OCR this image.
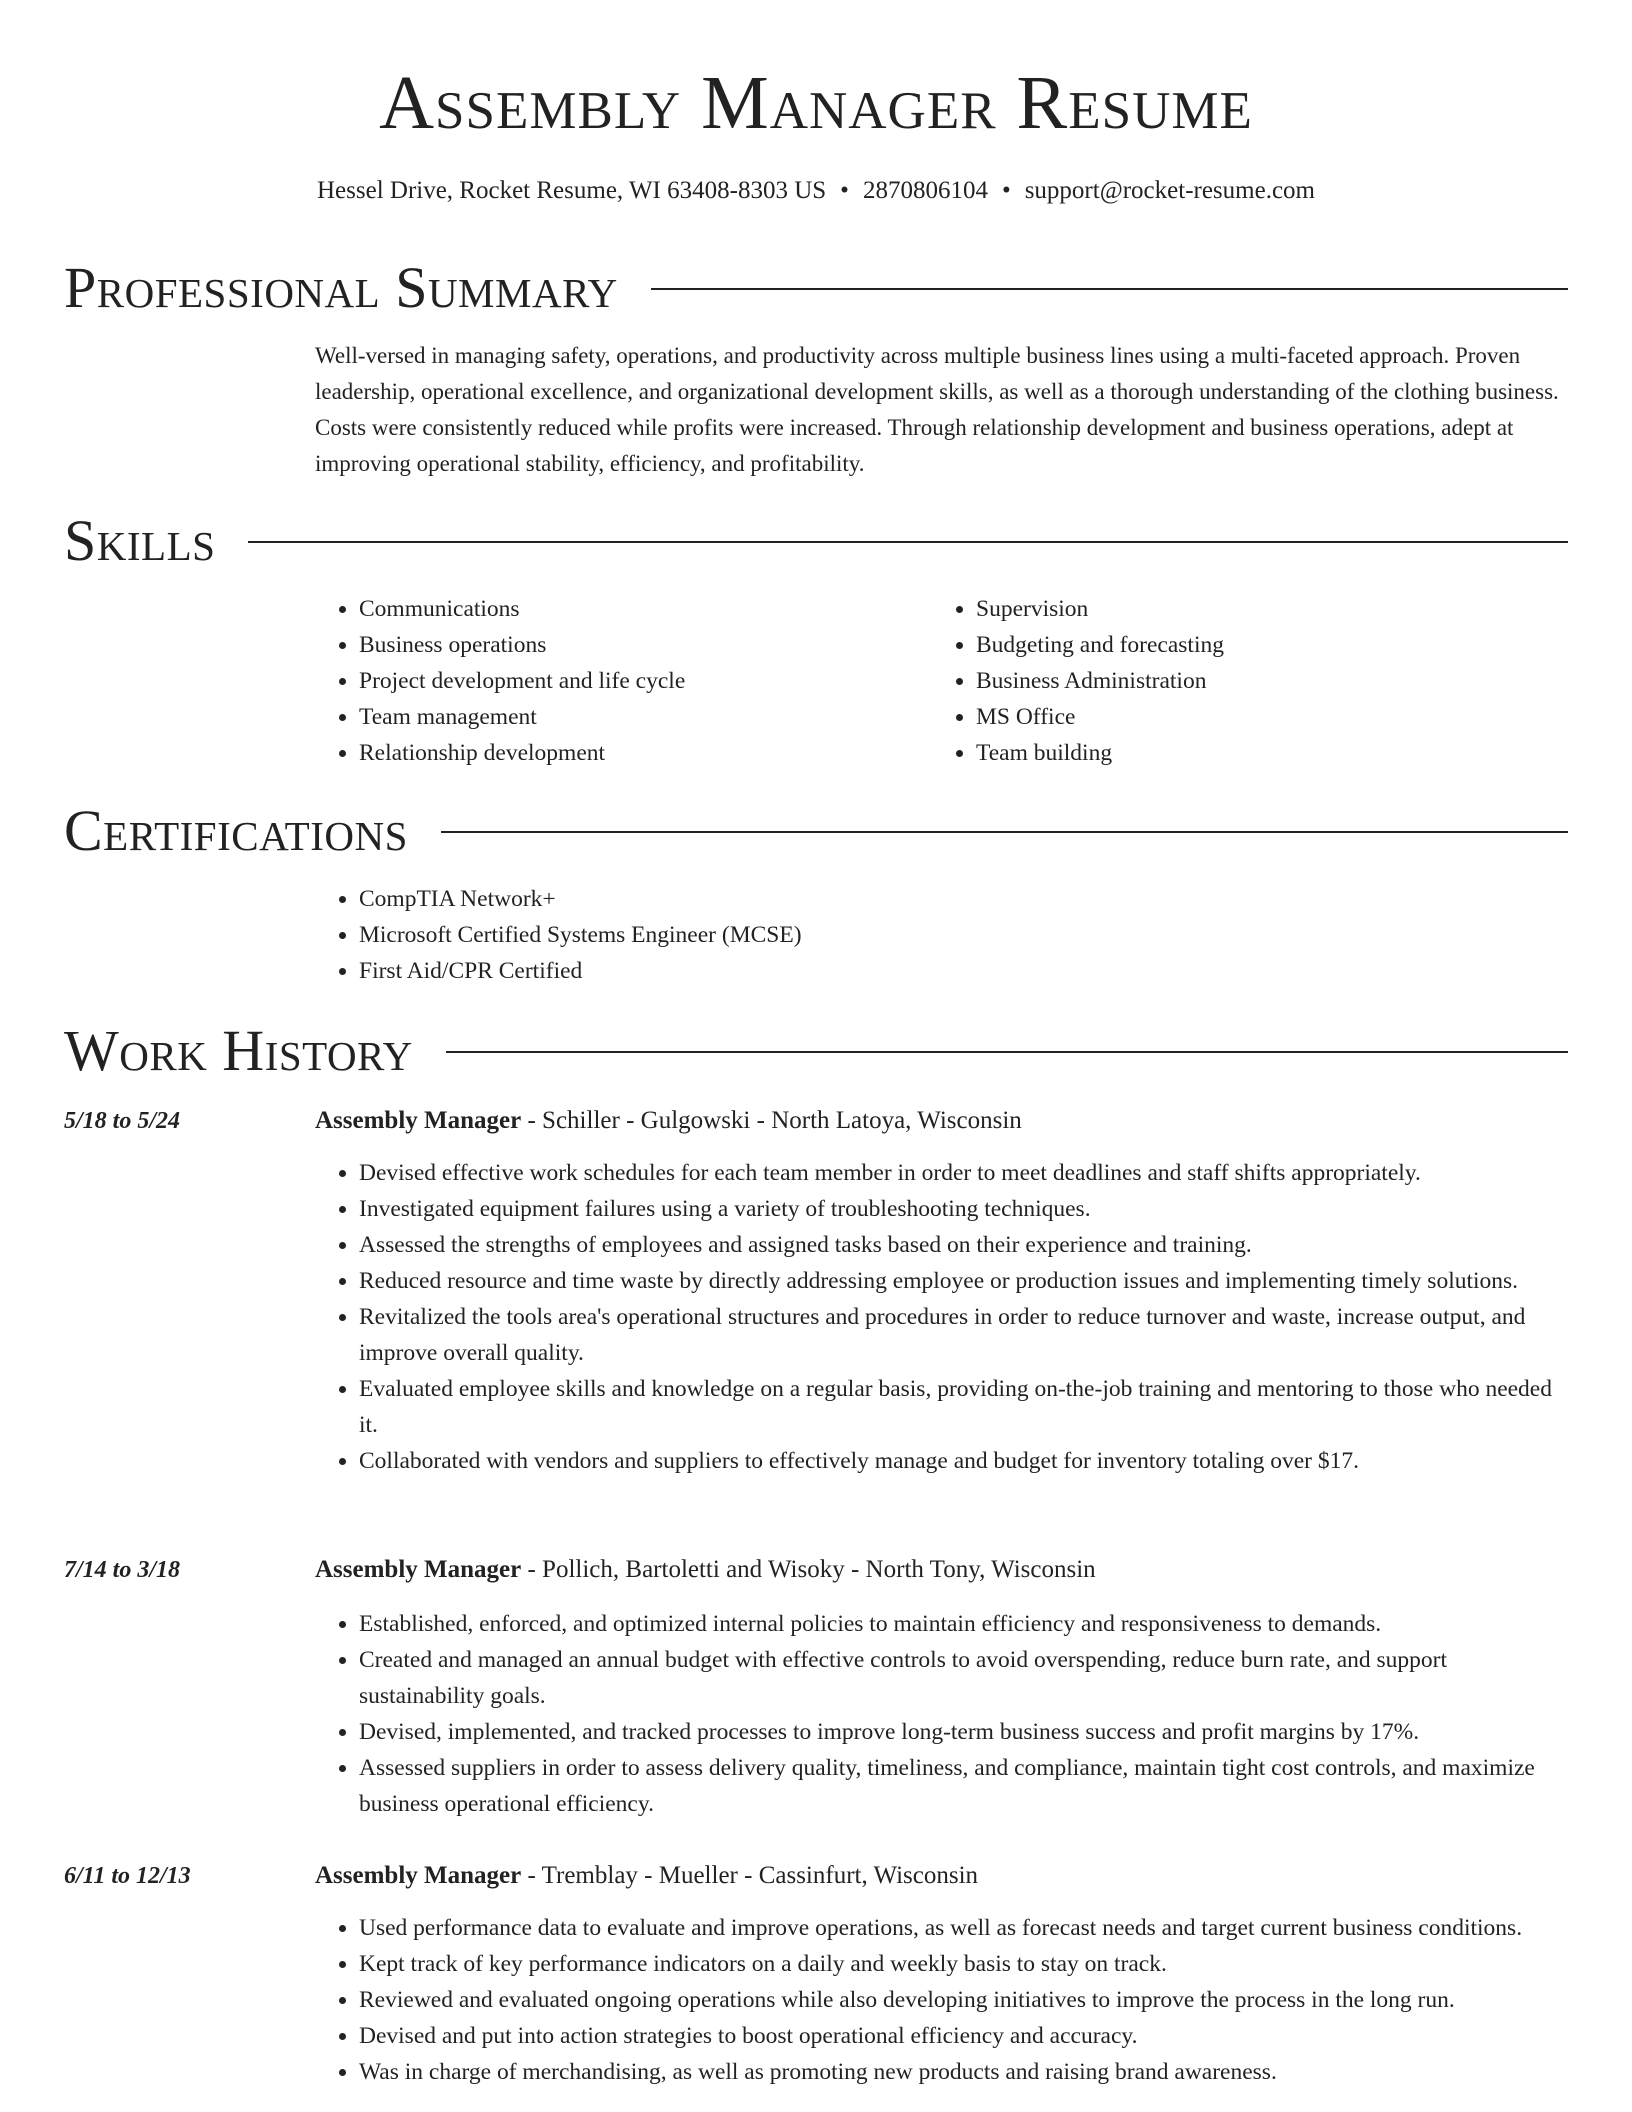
Assembly Manager Resume
Hessel Drive, Rocket Resume, WI 63408-8303 US • 2870806104 • support@rocket-resume.com
Professional Summary

Well-versed in managing safety, operations, and productivity across multiple business lines using a multi-faceted approach. Proven leadership, operational excellence, and organizational development skills, as well as a thorough understanding of the clothing business. Costs were consistently reduced while profits were increased. Through relationship development and business operations, adept at improving operational stability, efficiency, and profitability.

Skills
• Communications
• Business operations
• Project development and life cycle
• Team management
• Relationship development
• Supervision
• Budgeting and forecasting
• Business Administration
• MS Office
• Team building
Certifications
• CompTIA Network+
• Microsoft Certified Systems Engineer (MCSE)
• First Aid/CPR Certified
Work History
5/18 to 5/24	Assembly Manager - Schiller - Gulgowski - North Latoya, Wisconsin
• Devised effective work schedules for each team member in order to meet deadlines and staff shifts appropriately.
• Investigated equipment failures using a variety of troubleshooting techniques.
• Assessed the strengths of employees and assigned tasks based on their experience and training.
• Reduced resource and time waste by directly addressing employee or production issues and implementing timely solutions.
• Revitalized the tools area's operational structures and procedures in order to reduce turnover and waste, increase output, and improve overall quality.
• Evaluated employee skills and knowledge on a regular basis, providing on-the-job training and mentoring to those who needed it.
• Collaborated with vendors and suppliers to effectively manage and budget for inventory totaling over $17.
7/14 to 3/18	Assembly Manager - Pollich, Bartoletti and Wisoky - North Tony, Wisconsin
• Established, enforced, and optimized internal policies to maintain efficiency and responsiveness to demands.
• Created and managed an annual budget with effective controls to avoid overspending, reduce burn rate, and support sustainability goals.
• Devised, implemented, and tracked processes to improve long-term business success and profit margins by 17%.
• Assessed suppliers in order to assess delivery quality, timeliness, and compliance, maintain tight cost controls, and maximize business operational efficiency.
6/11 to 12/13	Assembly Manager - Tremblay - Mueller - Cassinfurt, Wisconsin
• Used performance data to evaluate and improve operations, as well as forecast needs and target current business conditions.
• Kept track of key performance indicators on a daily and weekly basis to stay on track.
• Reviewed and evaluated ongoing operations while also developing initiatives to improve the process in the long run.
• Devised and put into action strategies to boost operational efficiency and accuracy.
• Was in charge of merchandising, as well as promoting new products and raising brand awareness.
